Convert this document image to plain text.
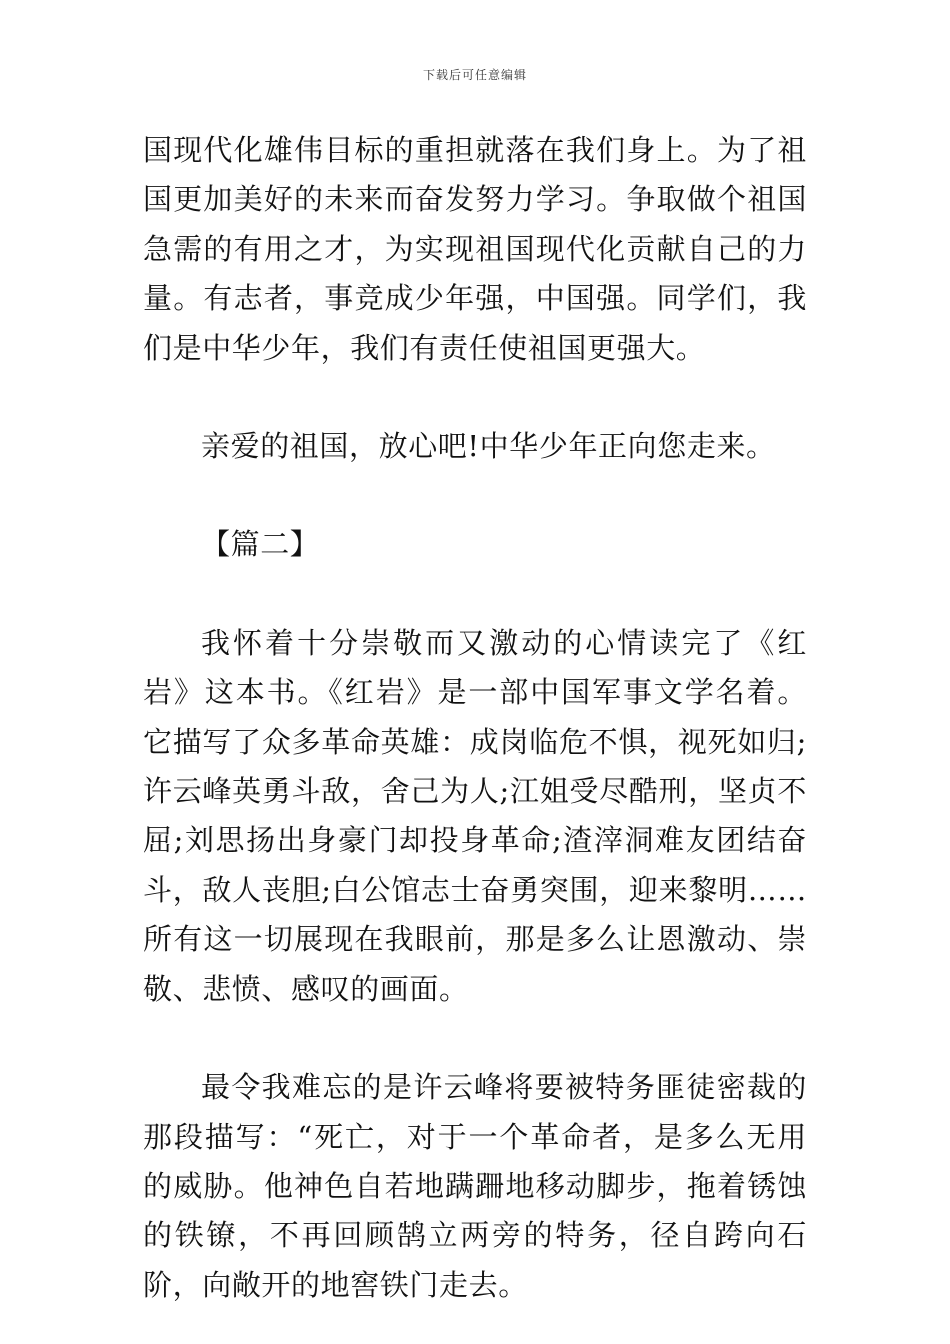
下载后可任意编辑

国现代化雄伟目标的重担就落在我们身上。为了祖国更加美好的未来而奋发努力学习。争取做个祖国急需的有用之才，为实现祖国现代化贡献自己的力量。有志者，事竞成少年强，中国强。同学们，我们是中华少年，我们有责任使祖国更强大。

亲爱的祖国，放心吧!中华少年正向您走来。

【篇二】

我怀着十分崇敬而又激动的心情读完了《红岩》这本书。《红岩》是一部中国军事文学名着。它描写了众多革命英雄：成岗临危不惧，视死如归;许云峰英勇斗敌，舍己为人;江姐受尽酷刑，坚贞不屈;刘思扬出身豪门却投身革命;渣滓洞难友团结奋斗，敌人丧胆;白公馆志士奋勇突围，迎来黎明……所有这一切展现在我眼前，那是多么让恩激动、崇敬、悲愤、感叹的画面。

最令我难忘的是许云峰将要被特务匪徒密裁的那段描写：“死亡，对于一个革命者，是多么无用的威胁。他神色自若地蹒跚地移动脚步，拖着锈蚀的铁镣，不再回顾鹄立两旁的特务，径自跨向石阶，向敞开的地窖铁门走去。
